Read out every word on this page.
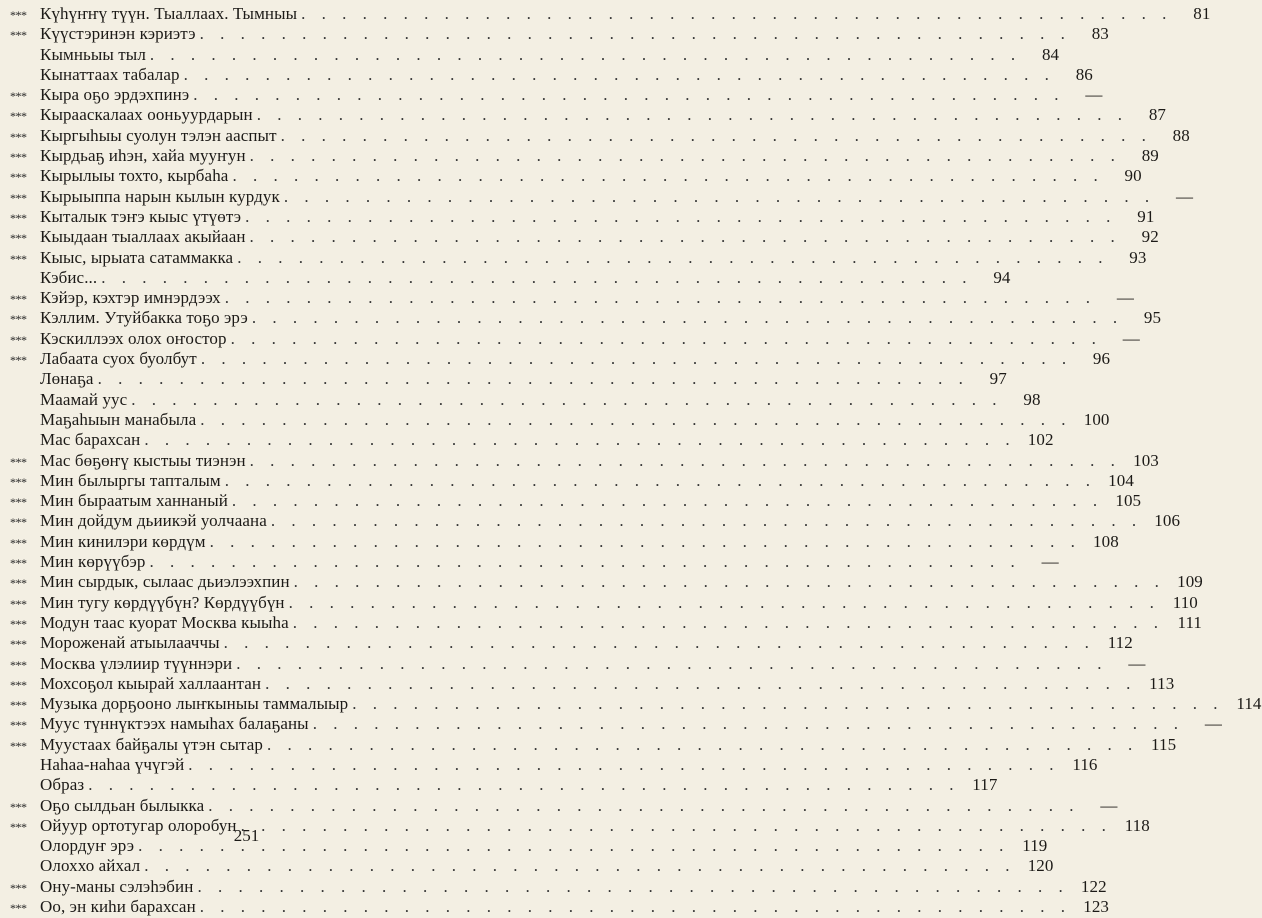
*** Күһүҥҥү түүн. Тыаллаах. Тымныы . . .	81
*** Күүстэринэн кэриэтэ . . .	83
Кымньыы тыл . . .	84
Кынаттаах табалар . . .	86
*** Кыра оҕо эрдэхпинэ . . .	—
*** Кырааскалаах ооньуурдарын . . .	87
*** Кыргыһыы суолун тэлэн ааспыт . . .	88
*** Кырдьаҕ иһэн, хайа мууҥун . . .	89
*** Кырылыы тохто, кырбаһа . . .	90
*** Кырыыппа нарын кылын курдук . . .	—
*** Кыталык тэҥэ кыыс үтүөтэ . . .	91
*** Кыыдаан тыаллаах акыйаан . . .	92
*** Кыыс, ырыата сатаммакка . . .	93
Кэбис... . . .	94
*** Кэйэр, кэхтэр имнэрдээх . . .	—
*** Кэллим. Утуйбакка тоҕо эрэ . . .	95
*** Кэскиллээх олох оҥостор . . .	—
*** Лабаата суох буолбут . . .	96
Лөнаҕа . . .	97
Маамай уус . . .	98
Маҕаһыын манабыла . . .	100
Мас барахсан . . .	102
*** Мас бөҕөҥү кыстыы тиэнэн . . .	103
*** Мин былыргы тапталым . . .	104
*** Мин быраатым ханнаный . . .	105
*** Мин дойдум дьиикэй уолчаана . . .	106
*** Мин кинилэри көрдүм . . .	108
*** Мин көрүүбэр . . .	—
*** Мин сырдык, сылаас дьиэлээхпин . . .	109
*** Мин тугу көрдүүбүн? Көрдүүбүн . . .	110
*** Модун таас куорат Москва кыыһа . . .	111
*** Мороженай атыылааччы . . .	112
*** Москва үлэлиир түүннэри . . .	—
*** Мохсоҕол кыырай халлаантан . . .	113
*** Музыка дорҕооно лыҥкыныы таммалыыр . . .	114
*** Муус түннүктээх намыһах балаҕаны . . .	—
*** Муустаах байҕалы үтэн сытар . . .	115
Наһаа-наһаа үчүгэй . . .	116
Образ . . .	117
*** Оҕо сылдьан былыкка . . .	—
*** Ойуур ортотугар олоробун . . .	118
Олордуҥ эрэ . . .	119
Олоххо айхал . . .	120
*** Ону-маны сэлэһэбин . . .	122
*** Оо, эн киһи барахсан . . .	123
251
